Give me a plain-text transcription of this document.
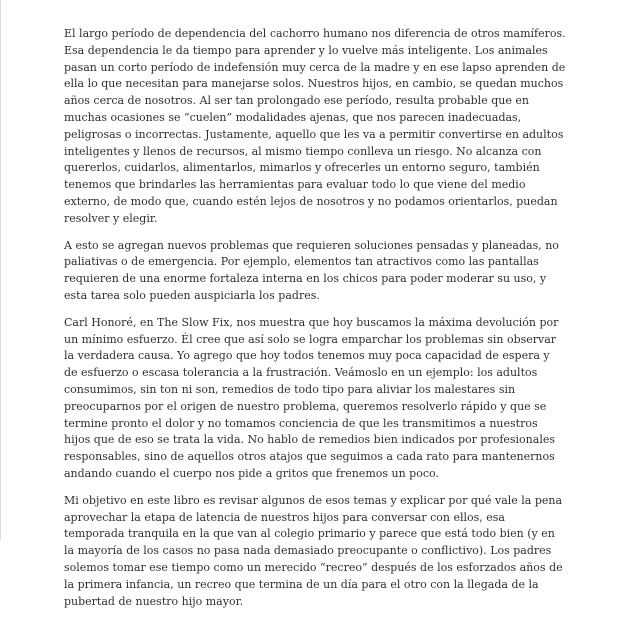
El largo período de dependencia del cachorro humano nos diferencia de otros mamíferos. Esa dependencia le da tiempo para aprender y lo vuelve más inteligente. Los animales pasan un corto período de indefensión muy cerca de la madre y en ese lapso aprenden de ella lo que necesitan para manejarse solos. Nuestros hijos, en cambio, se quedan muchos años cerca de nosotros. Al ser tan prolongado ese período, resulta probable que en muchas ocasiones se “cuelen” modalidades ajenas, que nos parecen inadecuadas, peligrosas o incorrectas. Justamente, aquello que les va a permitir convertirse en adultos inteligentes y llenos de recursos, al mismo tiempo conlleva un riesgo. No alcanza con quererlos, cuidarlos, alimentarlos, mimarlos y ofrecerles un entorno seguro, también tenemos que brindarles las herramientas para evaluar todo lo que viene del medio externo, de modo que, cuando estén lejos de nosotros y no podamos orientarlos, puedan resolver y elegir.

A esto se agregan nuevos problemas que requieren soluciones pensadas y planeadas, no paliativas o de emergencia. Por ejemplo, elementos tan atractivos como las pantallas requieren de una enorme fortaleza interna en los chicos para poder moderar su uso, y esta tarea solo pueden auspiciarla los padres.

Carl Honoré, en The Slow Fix, nos muestra que hoy buscamos la máxima devolución por un mínimo esfuerzo. Él cree que así solo se logra emparchar los problemas sin observar la verdadera causa. Yo agrego que hoy todos tenemos muy poca capacidad de espera y de esfuerzo o escasa tolerancia a la frustración. Veámoslo en un ejemplo: los adultos consumimos, sin ton ni son, remedios de todo tipo para aliviar los malestares sin preocuparnos por el origen de nuestro problema, queremos resolverlo rápido y que se termine pronto el dolor y no tomamos conciencia de que les transmitimos a nuestros hijos que de eso se trata la vida. No hablo de remedios bien indicados por profesionales responsables, sino de aquellos otros atajos que seguimos a cada rato para mantenernos andando cuando el cuerpo nos pide a gritos que frenemos un poco.

Mi objetivo en este libro es revisar algunos de esos temas y explicar por qué vale la pena aprovechar la etapa de latencia de nuestros hijos para conversar con ellos, esa temporada tranquila en la que van al colegio primario y parece que está todo bien (y en la mayoría de los casos no pasa nada demasiado preocupante o conflictivo). Los padres solemos tomar ese tiempo como un merecido “recreo” después de los esforzados años de la primera infancia, un recreo que termina de un día para el otro con la llegada de la pubertad de nuestro hijo mayor.
